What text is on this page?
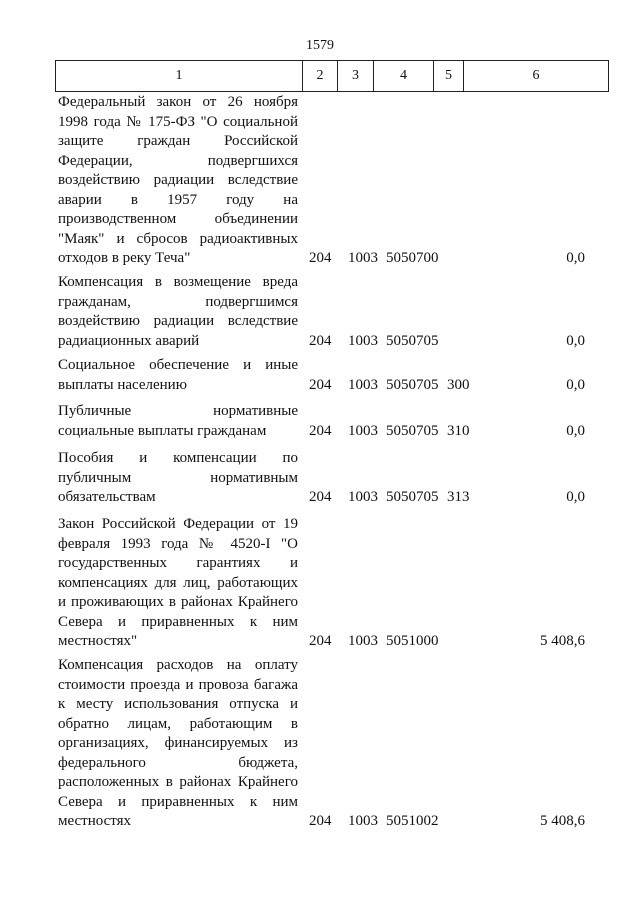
1579
1	2	3	4	5	6
Федеральный закон от 26 ноября
1998 года № 175-ФЗ "О социальной
защите граждан Российской
Федерации, подвергшихся
воздействию радиации вследствие
аварии в 1957 году на
производственном объединении
"Маяк" и сбросов радиоактивных
отходов в реку Теча"	204 1003 5050700	0,0
Компенсация в возмещение вреда
гражданам, подвергшимся
воздействию радиации вследствие
радиационных аварий	204 1003 5050705	0,0
Социальное обеспечение и иные
выплаты населению	204 1003 5050705 300	0,0
Публичные нормативные
социальные выплаты гражданам	204 1003 5050705 310	0,0
Пособия и компенсации по
публичным нормативным
обязательствам	204 1003 5050705 313	0,0
Закон Российской Федерации от 19
февраля 1993 года № 4520-I "О
государственных гарантиях и
компенсациях для лиц, работающих
и проживающих в районах Крайнего
Севера и приравненных к ним
местностях"	204 1003 5051000	5 408,6
Компенсация расходов на оплату
стоимости проезда и провоза багажа
к месту использования отпуска и
обратно лицам, работающим в
организациях, финансируемых из
федерального бюджета,
расположенных в районах Крайнего
Севера и приравненных к ним
местностях	204 1003 5051002	5 408,6
